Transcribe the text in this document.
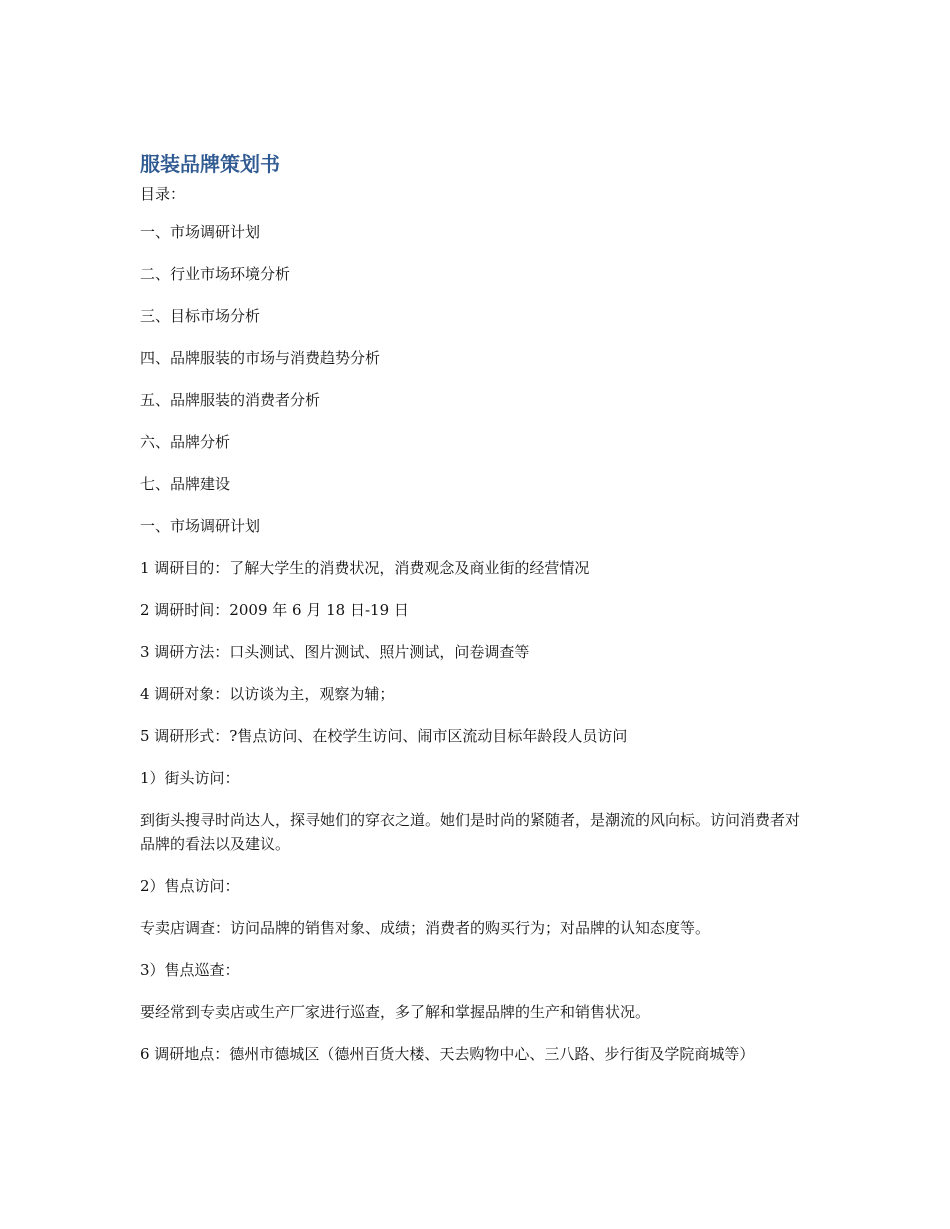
服装品牌策划书
目录：
一、市场调研计划
二、行业市场环境分析
三、目标市场分析
四、品牌服装的市场与消费趋势分析
五、品牌服装的消费者分析
六、品牌分析
七、品牌建设
一、市场调研计划
1 调研目的：了解大学生的消费状况，消费观念及商业街的经营情况
2 调研时间：2009 年 6 月 18 日-19 日
3 调研方法：口头测试、图片测试、照片测试，问卷调查等
4 调研对象：以访谈为主，观察为辅；
5 调研形式：?售点访问、在校学生访问、闹市区流动目标年龄段人员访问
1）街头访问：
到街头搜寻时尚达人，探寻她们的穿衣之道。她们是时尚的紧随者，是潮流的风向标。访问消费者对品牌的看法以及建议。
2）售点访问：
专卖店调查：访问品牌的销售对象、成绩；消费者的购买行为；对品牌的认知态度等。
3）售点巡查：
要经常到专卖店或生产厂家进行巡查，多了解和掌握品牌的生产和销售状况。
6 调研地点：德州市德城区（德州百货大楼、天去购物中心、三八路、步行街及学院商城等）
